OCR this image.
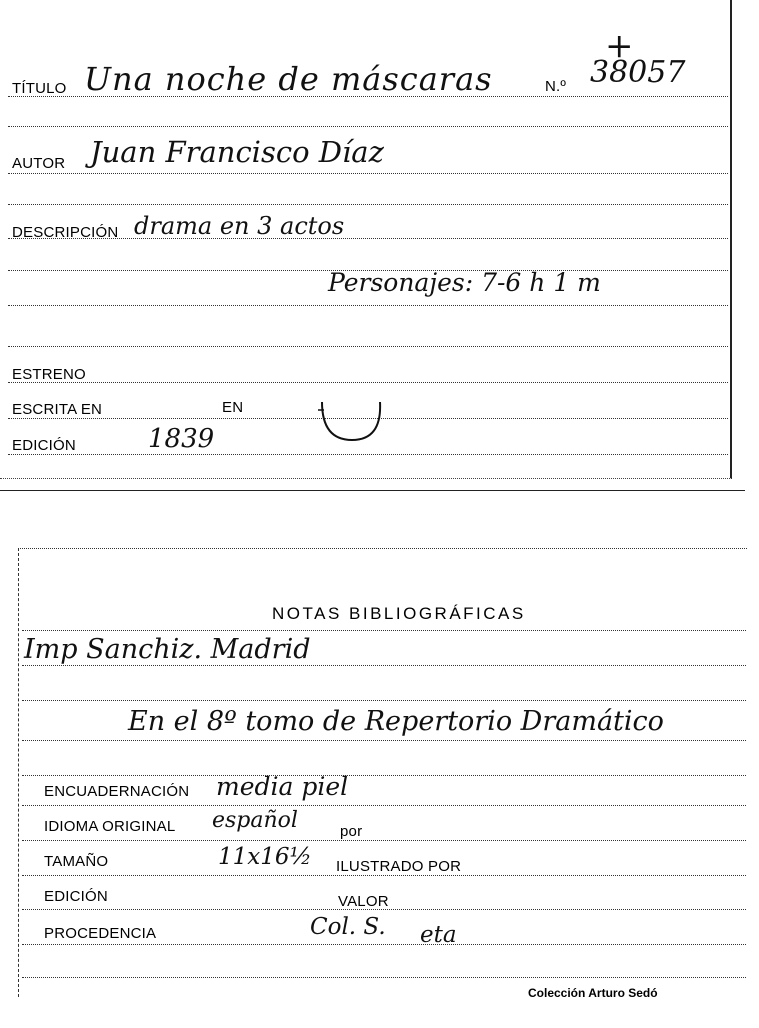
TÍTULO Una noche de máscaras	N.º 38057
+
AUTOR Juan Francisco Díaz
DESCRIPCIÓN drama en 3 actos
Personajes: 7-6 h 1 m
ESTRENO
ESCRITA EN	EN
EDICIÓN	1839
NOTAS BIBLIOGRÁFICAS
Imp Sanchiz. Madrid
En el 8º tomo de Repertorio Dramático
ENCUADERNACIÓN media piel
IDIOMA ORIGINAL español	por
TAMAÑO	11x16½ ILUSTRADO POR
EDICIÓN	VALOR
PROCEDENCIA	Col. S. eta
Colección Arturo Sedó
